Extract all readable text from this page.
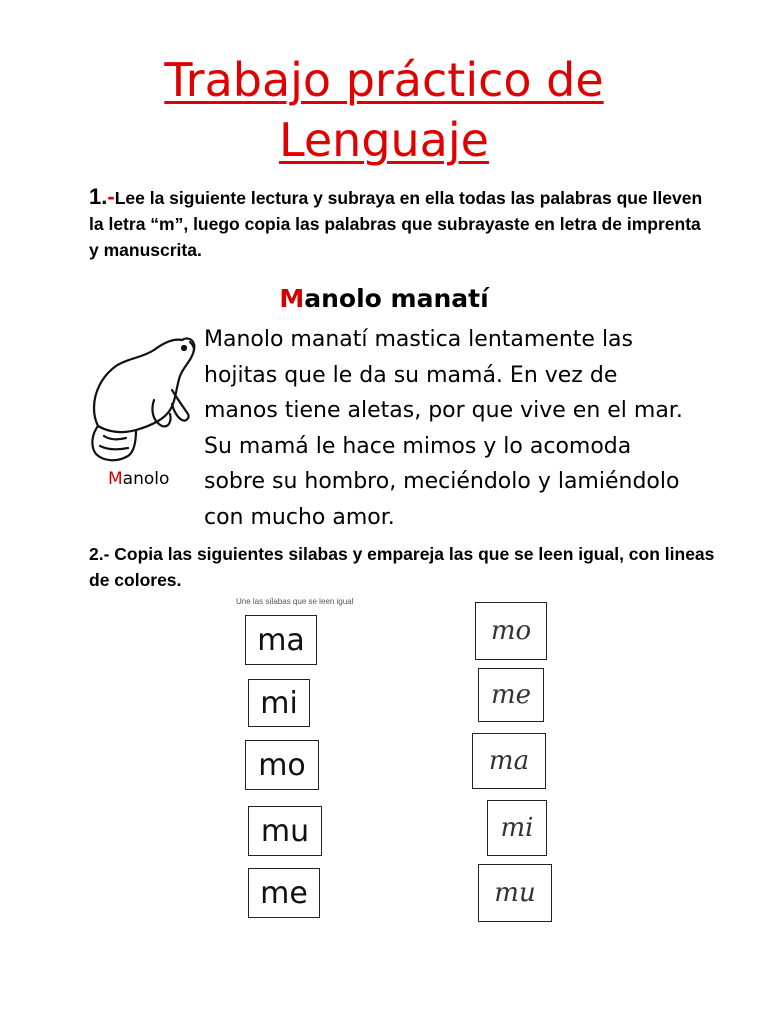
Trabajo práctico de
Lenguaje
1.-Lee la siguiente lectura y subraya en ella todas las palabras que lleven la letra “m”, luego copia las palabras que subrayaste en letra de imprenta y manuscrita.
Manolo manatí
Manolo manatí mastica lentamente las
hojitas que le da su mamá. En vez de
manos tiene aletas, por que vive en el mar.
Su mamá le hace mimos y lo acomoda
sobre su hombro, meciéndolo y lamiéndolo
con mucho amor.
Manolo
2.- Copia las siguientes silabas y empareja las que se leen igual, con lineas de colores.
Une las sílabas que se leen igual
ma
mi
mo
mu
me
mo
me
ma
mi
mu
